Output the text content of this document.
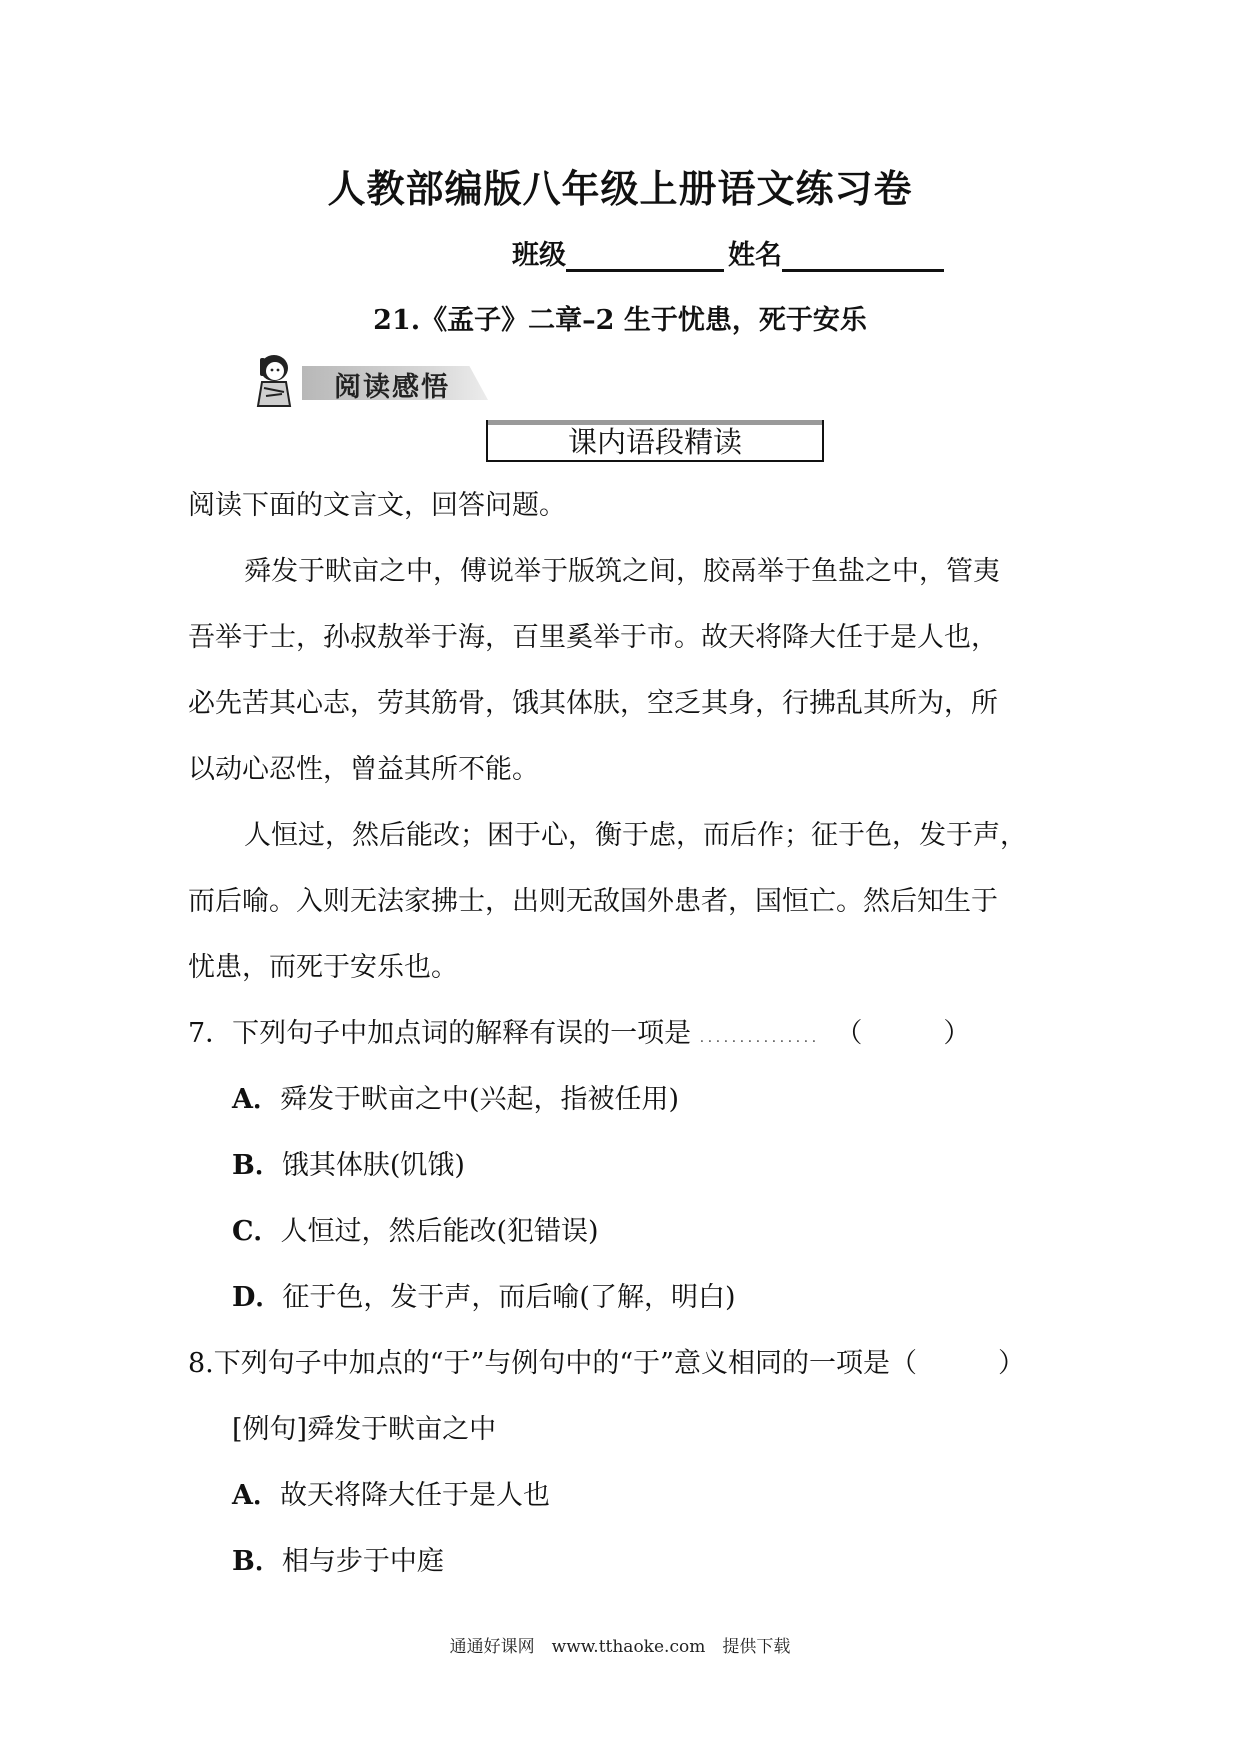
人教部编版八年级上册语文练习卷
班级	姓名
21.《孟子》二章–2 生于忧患，死于安乐
阅读感悟
课内语段精读
阅读下面的文言文，回答问题。
舜发于畎亩之中，傅说举于版筑之间，胶鬲举于鱼盐之中，管夷
吾举于士，孙叔敖举于海，百里奚举于市。故天将降大任于是人也，
必先苦其心志，劳其筋骨，饿其体肤，空乏其身，行拂乱其所为，所
以动心忍性，曾益其所不能。
人恒过，然后能改；困于心，衡于虑，而后作；征于色，发于声，
而后喻。入则无法家拂士，出则无敌国外患者，国恒亡。然后知生于
忧患，而死于安乐也。
7．下列句子中加点词的解释有误的一项是 ．．．．．．．．．．．．．．． （　　　）
A．舜发于畎亩之中(兴起，指被任用)
B．饿其体肤(饥饿)
C．人恒过，然后能改(犯错误)
D．征于色，发于声，而后喻(了解，明白)
8.下列句子中加点的“于”与例句中的“于”意义相同的一项是（　　　）
[例句]舜发于畎亩之中
A．故天将降大任于是人也
B．相与步于中庭
通通好课网　www.tthaoke.com　提供下载
